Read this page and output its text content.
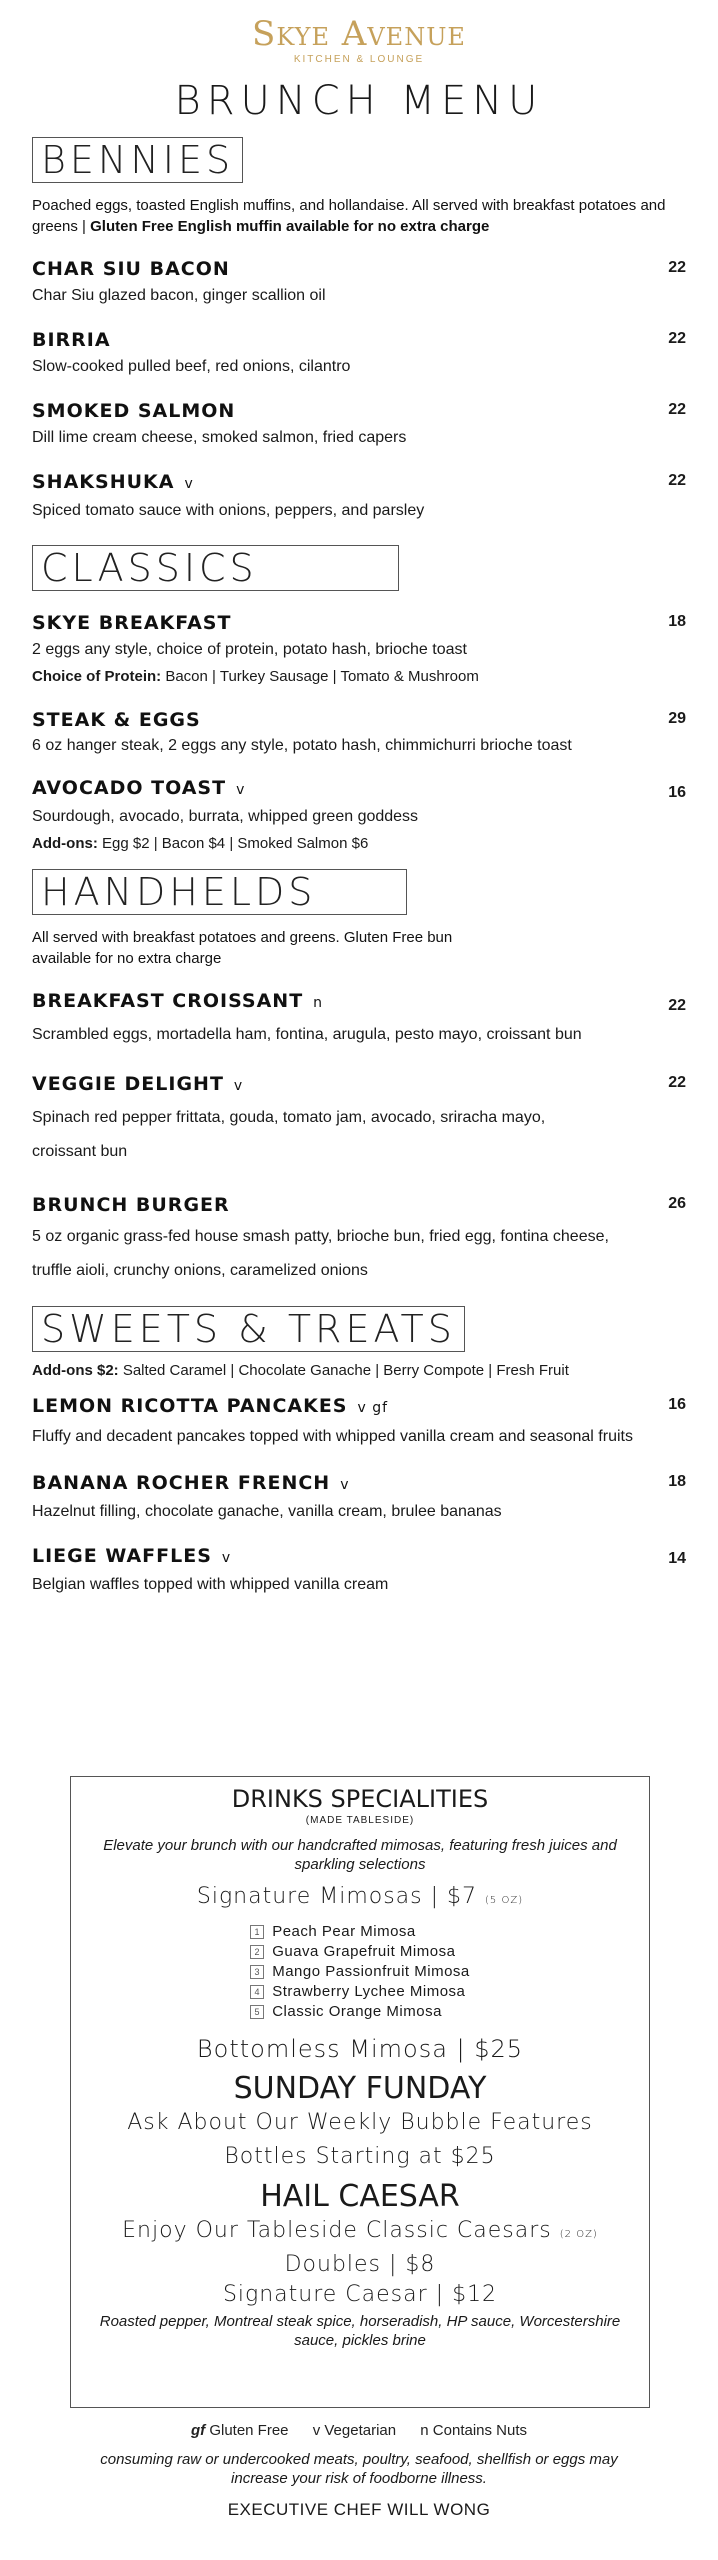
Skye Avenue
KITCHEN & LOUNGE
BRUNCH MENU
BENNIES
Poached eggs, toasted English muffins, and hollandaise. All served with breakfast potatoes and greens | Gluten Free English muffin available for no extra charge
CHAR SIU BACON
Char Siu glazed bacon, ginger scallion oil
22
BIRRIA
Slow-cooked pulled beef, red onions, cilantro
22
SMOKED SALMON
Dill lime cream cheese, smoked salmon, fried capers
22
SHAKSHUKA v
Spiced tomato sauce with onions, peppers, and parsley
22
CLASSICS
SKYE BREAKFAST
2 eggs any style, choice of protein, potato hash, brioche toast
Choice of Protein: Bacon | Turkey Sausage | Tomato & Mushroom
18
STEAK & EGGS
6 oz hanger steak, 2 eggs any style, potato hash, chimmichurri brioche toast
29
AVOCADO TOAST v
Sourdough, avocado, burrata, whipped green goddess
Add-ons: Egg $2 | Bacon $4 | Smoked Salmon $6
16
HANDHELDS
All served with breakfast potatoes and greens. Gluten Free bun available for no extra charge
BREAKFAST CROISSANT n
Scrambled eggs, mortadella ham, fontina, arugula, pesto mayo, croissant bun
22
VEGGIE DELIGHT v
Spinach red pepper frittata, gouda, tomato jam, avocado, sriracha mayo, croissant bun
22
BRUNCH BURGER
5 oz organic grass-fed house smash patty, brioche bun, fried egg, fontina cheese, truffle aioli, crunchy onions, caramelized onions
26
SWEETS & TREATS
Add-ons $2: Salted Caramel | Chocolate Ganache | Berry Compote | Fresh Fruit
LEMON RICOTTA PANCAKES v gf
Fluffy and decadent pancakes topped with whipped vanilla cream and seasonal fruits
16
BANANA ROCHER FRENCH v
Hazelnut filling, chocolate ganache, vanilla cream, brulee bananas
18
LIEGE WAFFLES v
Belgian waffles topped with whipped vanilla cream
14
DRINKS SPECIALITIES
(MADE TABLESIDE)
Elevate your brunch with our handcrafted mimosas, featuring fresh juices and sparkling selections
Signature Mimosas | $7 (5 OZ)
1 Peach Pear Mimosa
2 Guava Grapefruit Mimosa
3 Mango Passionfruit Mimosa
4 Strawberry Lychee Mimosa
5 Classic Orange Mimosa
Bottomless Mimosa | $25
SUNDAY FUNDAY
Ask About Our Weekly Bubble Features
Bottles Starting at $25
HAIL CAESAR
Enjoy Our Tableside Classic Caesars (2 OZ)
Doubles | $8
Signature Caesar | $12
Roasted pepper, Montreal steak spice, horseradish, HP sauce, Worcestershire sauce, pickles brine
gf Gluten Free v Vegetarian n Contains Nuts
consuming raw or undercooked meats, poultry, seafood, shellfish or eggs may increase your risk of foodborne illness.
EXECUTIVE CHEF WILL WONG
